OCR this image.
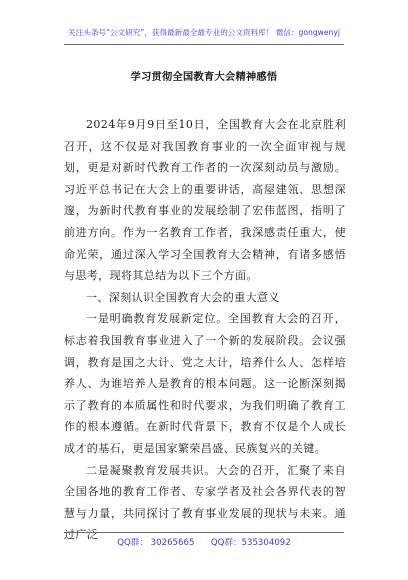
关注头条号“公文研究”，获得最新最全最专业的公文资料库！ 微信：gongwenyj
学习贯彻全国教育大会精神感悟

2024年9月9日至10日，全国教育大会在北京胜利召开，这不仅是对我国教育事业的一次全面审视与规划，更是对新时代教育工作者的一次深刻动员与激励。习近平总书记在大会上的重要讲话，高屋建瓴、思想深邃，为新时代教育事业的发展绘制了宏伟蓝图，指明了前进方向。作为一名教育工作者，我深感责任重大，使命光荣，通过深入学习全国教育大会精神，有诸多感悟与思考，现将其总结为以下三个方面。

一、深刻认识全国教育大会的重大意义

一是明确教育发展新定位。全国教育大会的召开，标志着我国教育事业进入了一个新的发展阶段。会议强调，教育是国之大计、党之大计，培养什么人、怎样培养人、为谁培养人是教育的根本问题。这一论断深刻揭示了教育的本质属性和时代要求，为我们明确了教育工作的根本遵循。在新时代背景下，教育不仅是个人成长成才的基石，更是国家繁荣昌盛、民族复兴的关键。

二是凝聚教育发展共识。大会的召开，汇聚了来自全国各地的教育工作者、专家学者及社会各界代表的智慧与力量，共同探讨了教育事业发展的现状与未来。通过广泛

QQ群： 30265665      QQ群：535304092
